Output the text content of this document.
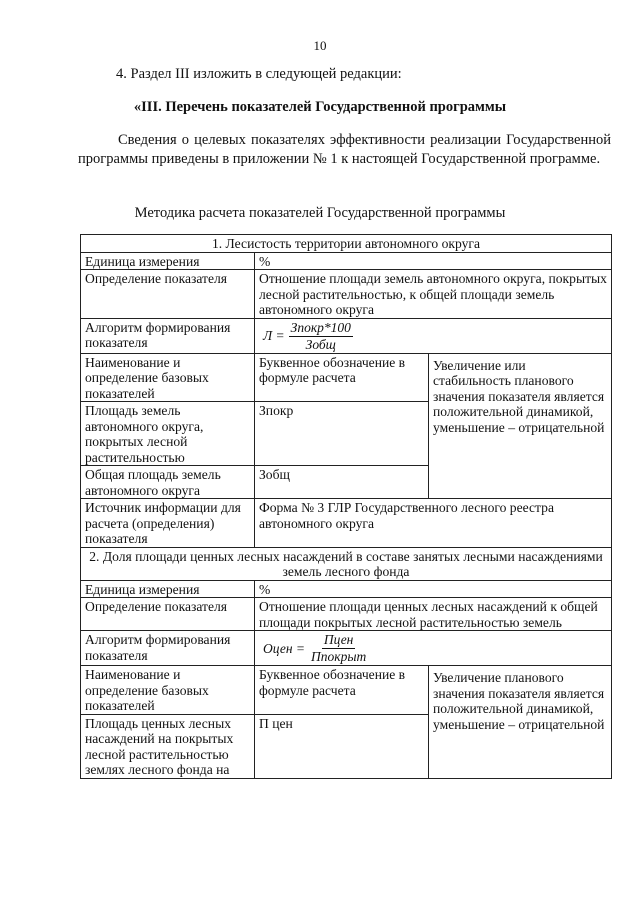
10
4. Раздел III изложить в следующей редакции:
«III. Перечень показателей Государственной программы
Сведения о целевых показателях эффективности реализации Государственной программы приведены в приложении № 1 к настоящей Государственной программе.
Методика расчета показателей Государственной программы
1. Лесистость территории автономного округа		
Единица измерения	%	
Определение показателя	Отношение площади земель автономного округа, покрытых лесной растительностью, к общей площади земель автономного округа	
Алгоритм формирования показателя	$Л = \frac{\text{Зпокр*100}}{\text{Зобщ}}$

Наименование и определение базовых показателей	Буквенное обозначение в формуле расчета	Увеличение или стабильность планового значения показателя является положительной динамикой, уменьшение – отрицательной
Площадь земель автономного округа, покрытых лесной растительностью	Зпокр	
Общая площадь земель автономного округа	Зобщ	
Источник информации для расчета (определения) показателя	Форма № 3 ГЛР Государственного лесного реестра автономного округа	
2. Доля площади ценных лесных насаждений в составе занятых лесными насаждениями земель лесного фонда		
Единица измерения	%	
Определение показателя	Отношение площади ценных лесных насаждений к общей площади покрытых лесной растительностью земель	
Алгоритм формирования показателя	Оцен = $\frac{\text{Пцен}}{\text{Ппокрыт}}$

Наименование и определение базовых показателей	Буквенное обозначение в формуле расчета	Увеличение планового значения показателя является положительной динамикой, уменьшение – отрицательной
Площадь ценных лесных насаждений на покрытых лесной растительностью землях лесного фонда на	П цен	
